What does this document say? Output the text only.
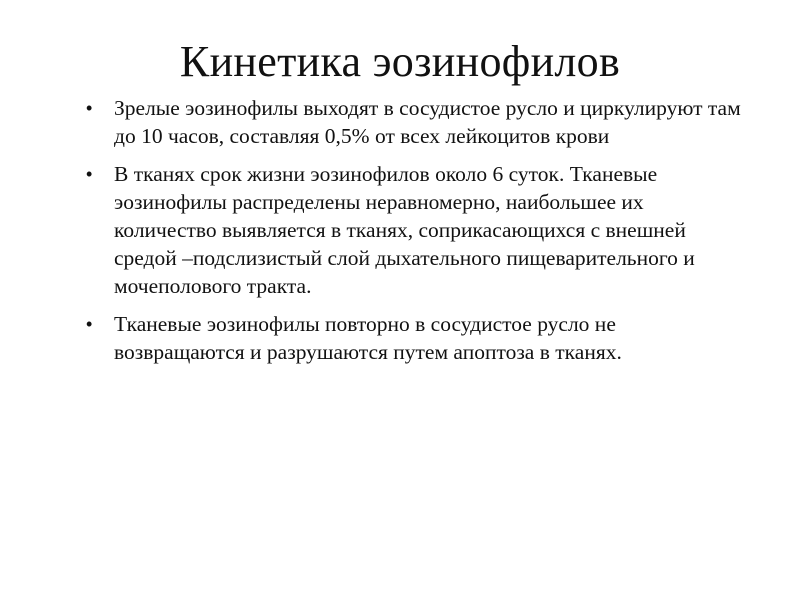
Кинетика эозинофилов
•	Зрелые эозинофилы выходят в сосудистое русло и циркулируют там до 10 часов, составляя 0,5% от всех лейкоцитов крови
•	В тканях срок жизни эозинофилов около 6 суток. Тканевые эозинофилы распределены неравномерно, наибольшее их количество выявляется в тканях, соприкасающихся с внешней средой –подслизистый слой дыхательного пищеварительного и мочеполового тракта.
•	Тканевые эозинофилы повторно в сосудистое русло не возвращаются и разрушаются путем апоптоза в тканях.
